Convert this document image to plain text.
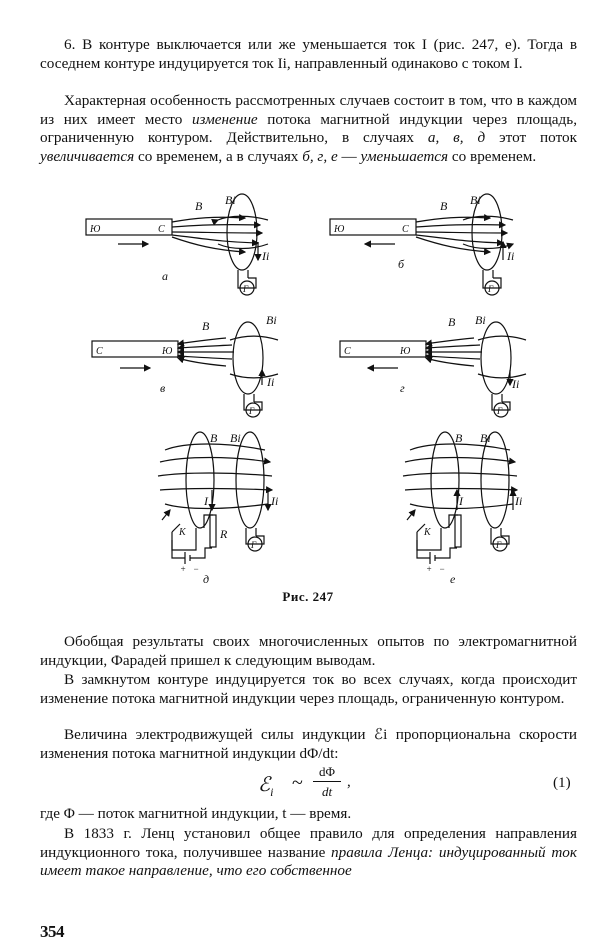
6. В контуре выключается или же уменьшается ток I (рис. 247, е). Тогда в соседнем контуре индуцируется ток Ii, направленный одинаково с током I.

Характерная особенность рассмотренных случаев состоит в том, что в каждом из них имеет место изменение потока магнитной индукции через площадь, ограниченную контуром. Действительно, в случаях а, в, д этот поток увеличивается со временем, а в случаях б, г, е — уменьшается со временем.

Ю	С
B Bi
Ii
Г
а
Ю	С
B Bi
Ii
Г
б
С	Ю
B	Bi
Ii
Г
в
С	Ю
B Bi
Ii
Г
г
B Bi
I	Ii
K	R
+ −
Г
д
B Bi
I	Ii
K
+ −
Г
е
Рис. 247

Обобщая результаты своих многочисленных опытов по электромагнитной индукции, Фарадей пришел к следующим выводам.

В замкнутом контуре индуцируется ток во всех случаях, когда происходит изменение потока магнитной индукции через площадь, ограниченную контуром.

Величина электродвижущей силы индукции ℰi пропорциональна скорости изменения потока магнитной индукции dΦ/dt:

ℰ$_i$ ~ $\frac{d\Phi}{dt}$ ,	(1)

где Φ — поток магнитной индукции, t — время.

В 1833 г. Ленц установил общее правило для определения направления индукционного тока, получившее название правила Ленца: индуцированный ток имеет такое направление, что его собственное

354
